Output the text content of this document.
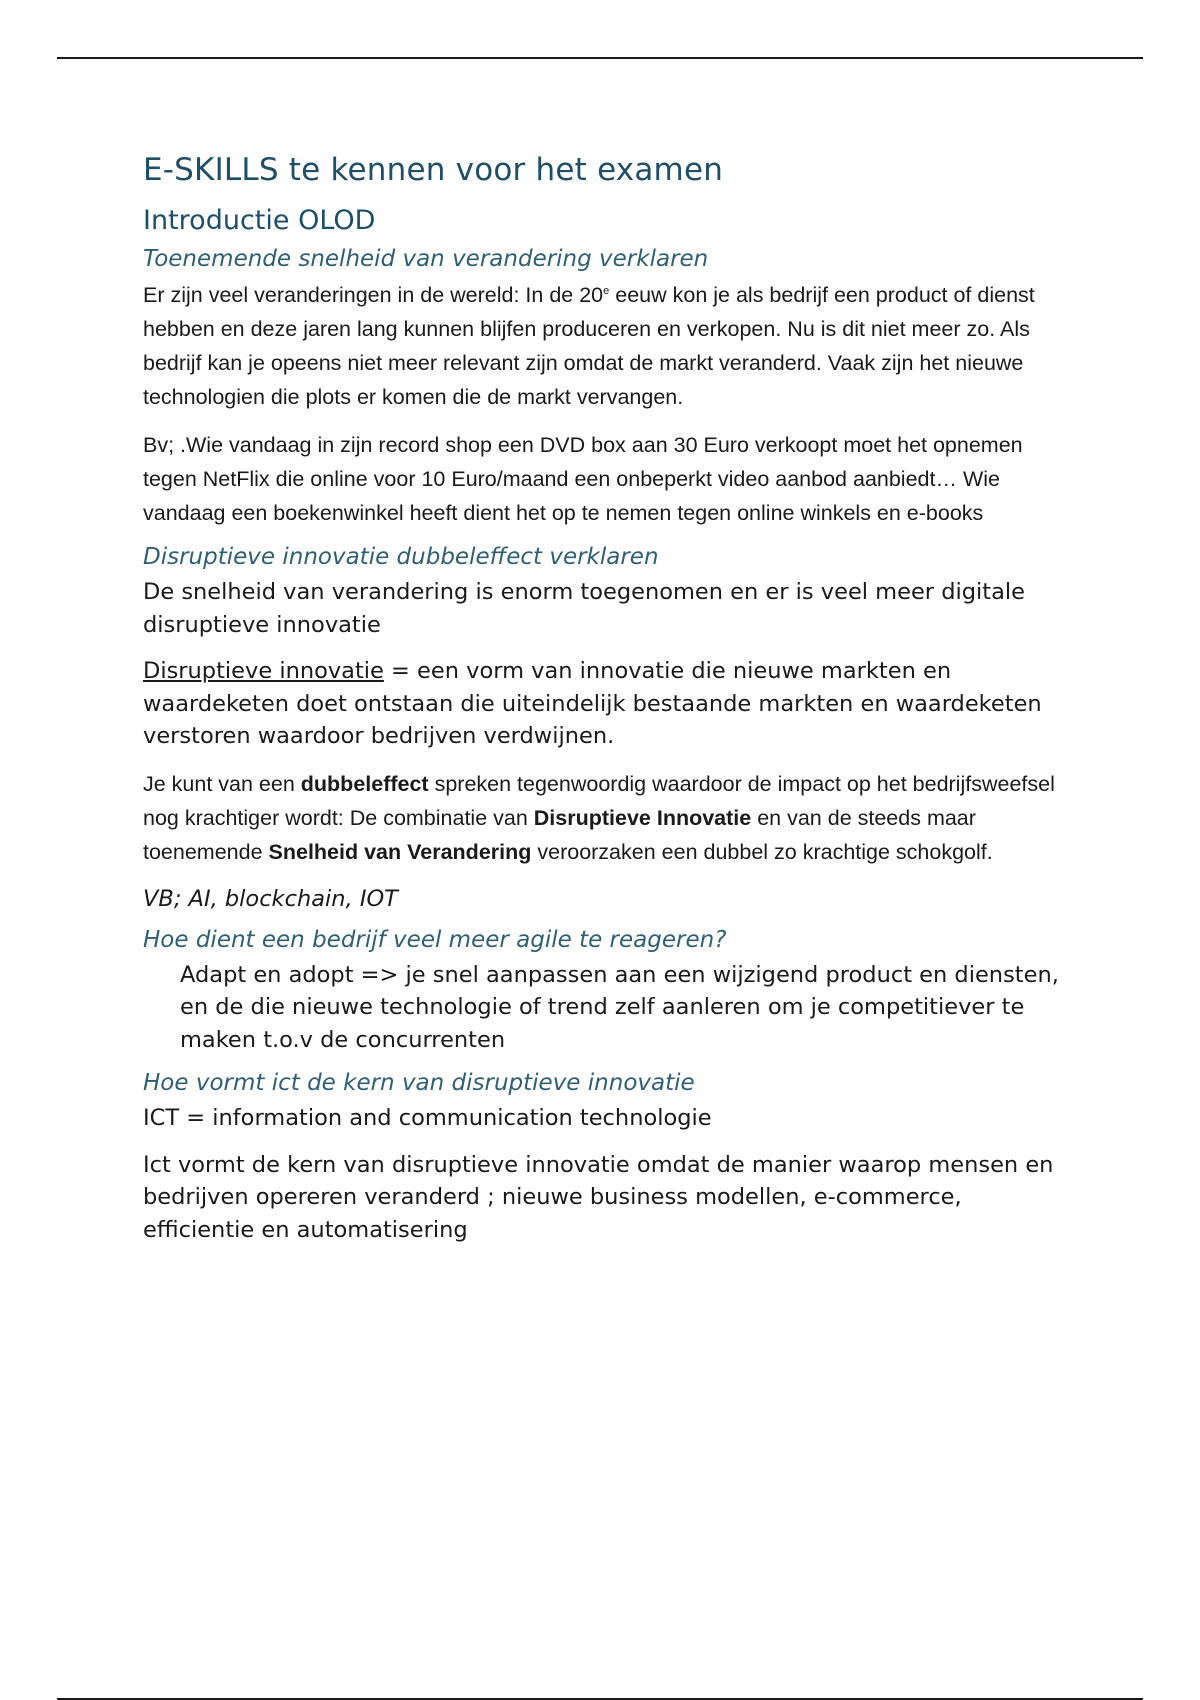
E-SKILLS te kennen voor het examen
Introductie OLOD
Toenemende snelheid van verandering verklaren

Er zijn veel veranderingen in de wereld: In de 20e eeuw kon je als bedrijf een product of dienst hebben en deze jaren lang kunnen blijfen produceren en verkopen. Nu is dit niet meer zo. Als bedrijf kan je opeens niet meer relevant zijn omdat de markt veranderd. Vaak zijn het nieuwe technologien die plots er komen die de markt vervangen.

Bv; .Wie vandaag in zijn record shop een DVD box aan 30 Euro verkoopt moet het opnemen tegen NetFlix die online voor 10 Euro/maand een onbeperkt video aanbod aanbiedt… Wie vandaag een boekenwinkel heeft dient het op te nemen tegen online winkels en e-books

Disruptieve innovatie dubbeleffect verklaren

De snelheid van verandering is enorm toegenomen en er is veel meer digitale disruptieve innovatie

Disruptieve innovatie = een vorm van innovatie die nieuwe markten en waardeketen doet ontstaan die uiteindelijk bestaande markten en waardeketen verstoren waardoor bedrijven verdwijnen.

Je kunt van een dubbeleffect spreken tegenwoordig waardoor de impact op het bedrijfsweefsel nog krachtiger wordt: De combinatie van Disruptieve Innovatie en van de steeds maar toenemende Snelheid van Verandering veroorzaken een dubbel zo krachtige schokgolf.

VB; AI, blockchain, IOT

Hoe dient een bedrijf veel meer agile te reageren?

Adapt en adopt => je snel aanpassen aan een wijzigend product en diensten, en de die nieuwe technologie of trend zelf aanleren om je competitiever te maken t.o.v de concurrenten

Hoe vormt ict de kern van disruptieve innovatie

ICT = information and communication technologie

Ict vormt de kern van disruptieve innovatie omdat de manier waarop mensen en bedrijven opereren veranderd ; nieuwe business modellen, e-commerce, efficientie en automatisering
